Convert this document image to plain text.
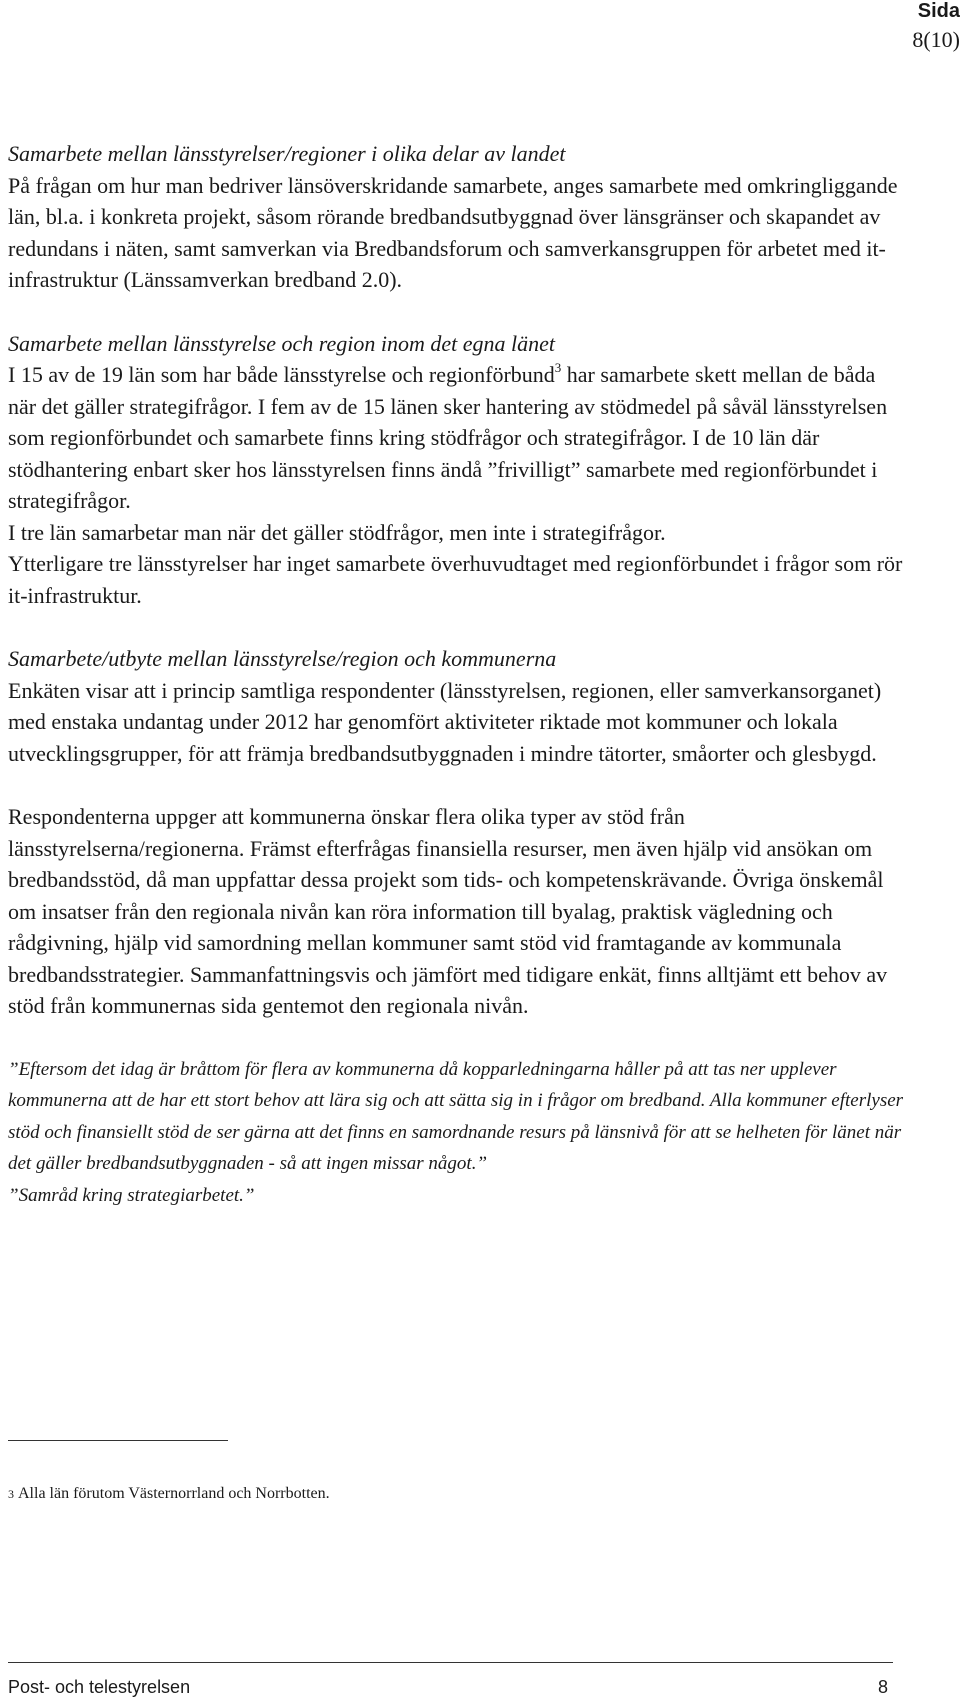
Sida
8(10)

Samarbete mellan länsstyrelser/regioner i olika delar av landet

På frågan om hur man bedriver länsöverskridande samarbete, anges samarbete med omkringliggande län, bl.a. i konkreta projekt, såsom rörande bredbandsutbyggnad över länsgränser och skapandet av redundans i näten, samt samverkan via Bredbandsforum och samverkansgruppen för arbetet med it-infrastruktur (Länssamverkan bredband 2.0).

Samarbete mellan länsstyrelse och region inom det egna länet

I 15 av de 19 län som har både länsstyrelse och regionförbund$^3$ har samarbete skett mellan de båda när det gäller strategifrågor. I fem av de 15 länen sker hantering av stödmedel på såväl länsstyrelsen som regionförbundet och samarbete finns kring stödfrågor och strategifrågor. I de 10 län där stödhantering enbart sker hos länsstyrelsen finns ändå ”frivilligt” samarbete med regionförbundet i strategifrågor.

I tre län samarbetar man när det gäller stödfrågor, men inte i strategifrågor.

Ytterligare tre länsstyrelser har inget samarbete överhuvudtaget med regionförbundet i frågor som rör it-infrastruktur.

Samarbete/utbyte mellan länsstyrelse/region och kommunerna

Enkäten visar att i princip samtliga respondenter (länsstyrelsen, regionen, eller samverkansorganet) med enstaka undantag under 2012 har genomfört aktiviteter riktade mot kommuner och lokala utvecklingsgrupper, för att främja bredbandsutbyggnaden i mindre tätorter, småorter och glesbygd.

Respondenterna uppger att kommunerna önskar flera olika typer av stöd från länsstyrelserna/regionerna. Främst efterfrågas finansiella resurser, men även hjälp vid ansökan om bredbandsstöd, då man uppfattar dessa projekt som tids- och kompetenskrävande. Övriga önskemål om insatser från den regionala nivån kan röra information till byalag, praktisk vägledning och rådgivning, hjälp vid samordning mellan kommuner samt stöd vid framtagande av kommunala bredbandsstrategier. Sammanfattningsvis och jämfört med tidigare enkät, finns alltjämt ett behov av stöd från kommunernas sida gentemot den regionala nivån.

”Eftersom det idag är bråttom för flera av kommunerna då kopparledningarna håller på att tas ner upplever kommunerna att de har ett stort behov att lära sig och att sätta sig in i frågor om bredband. Alla kommuner efterlyser stöd och finansiellt stöd de ser gärna att det finns en samordnande resurs på länsnivå för att se helheten för länet när det gäller bredbandsutbyggnaden - så att ingen missar något.”

”Samråd kring strategiarbetet.”

3 Alla län förutom Västernorrland och Norrbotten.
Post- och telestyrelsen	8
